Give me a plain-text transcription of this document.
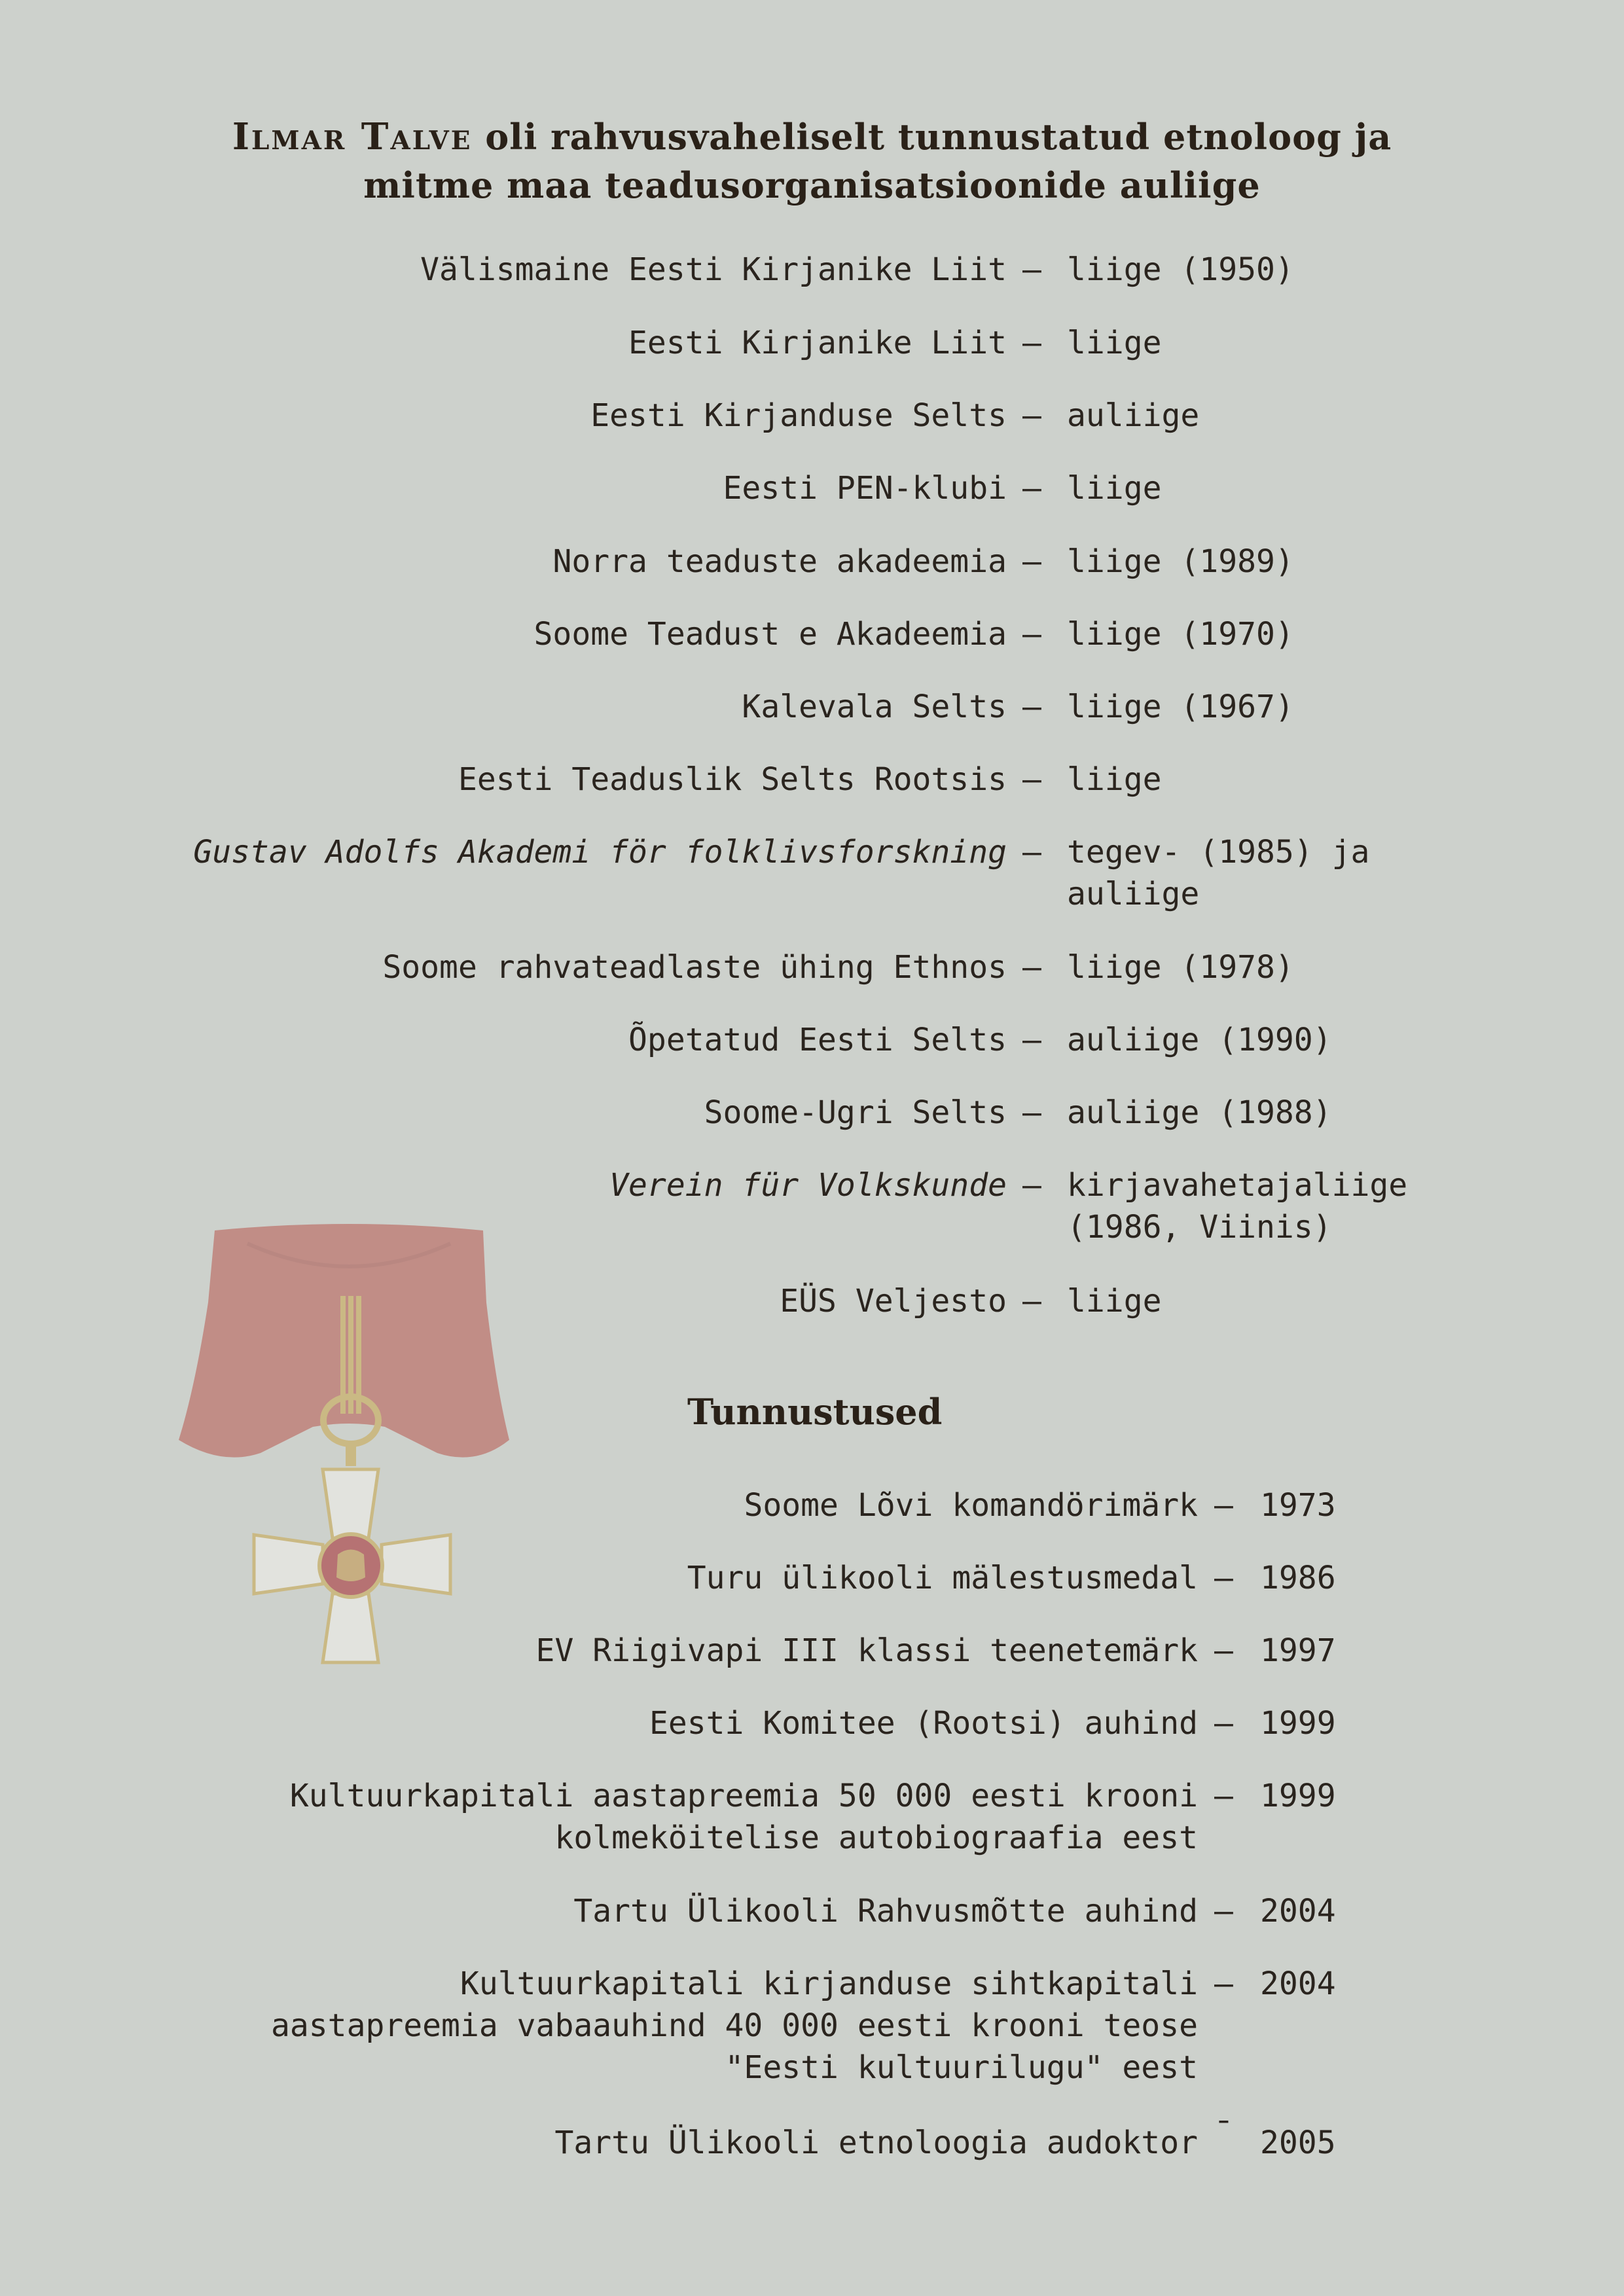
Ilmar Talve oli rahvusvaheliselt tunnustatud etnoloog ja
mitme maa teadusorganisatsioonide auliige
Välismaine Eesti Kirjanike Liit – liige (1950)
Eesti Kirjanike Liit – liige
Eesti Kirjanduse Selts – auliige
Eesti PEN-klubi – liige
Norra teaduste akadeemia – liige (1989)
Soome Teadust e Akadeemia – liige (1970)
Kalevala Selts – liige (1967)
Eesti Teaduslik Selts Rootsis – liige
Gustav Adolfs Akademi för folklivsforskning – tegev- (1985) ja
auliige
Soome rahvateadlaste ühing Ethnos – liige (1978)
Õpetatud Eesti Selts – auliige (1990)
Soome-Ugri Selts – auliige (1988)
Verein für Volkskunde – kirjavahetajaliige
(1986, Viinis)
EÜS Veljesto – liige
Tunnustused
Soome Lõvi komandörimärk – 1973
Turu ülikooli mälestusmedal – 1986
EV Riigivapi III klassi teenetemärk – 1997
Eesti Komitee (Rootsi) auhind – 1999
Kultuurkapitali aastapreemia 50 000 eesti krooni
kolmeköitelise autobiograafia eest
– 1999
Tartu Ülikooli Rahvusmõtte auhind – 2004
Kultuurkapitali kirjanduse sihtkapitali
aastapreemia vabaauhind 40 000 eesti krooni teose
"Eesti kultuurilugu" eest
– 2004
Tartu Ülikooli etnoloogia audoktor ¯ 2005
